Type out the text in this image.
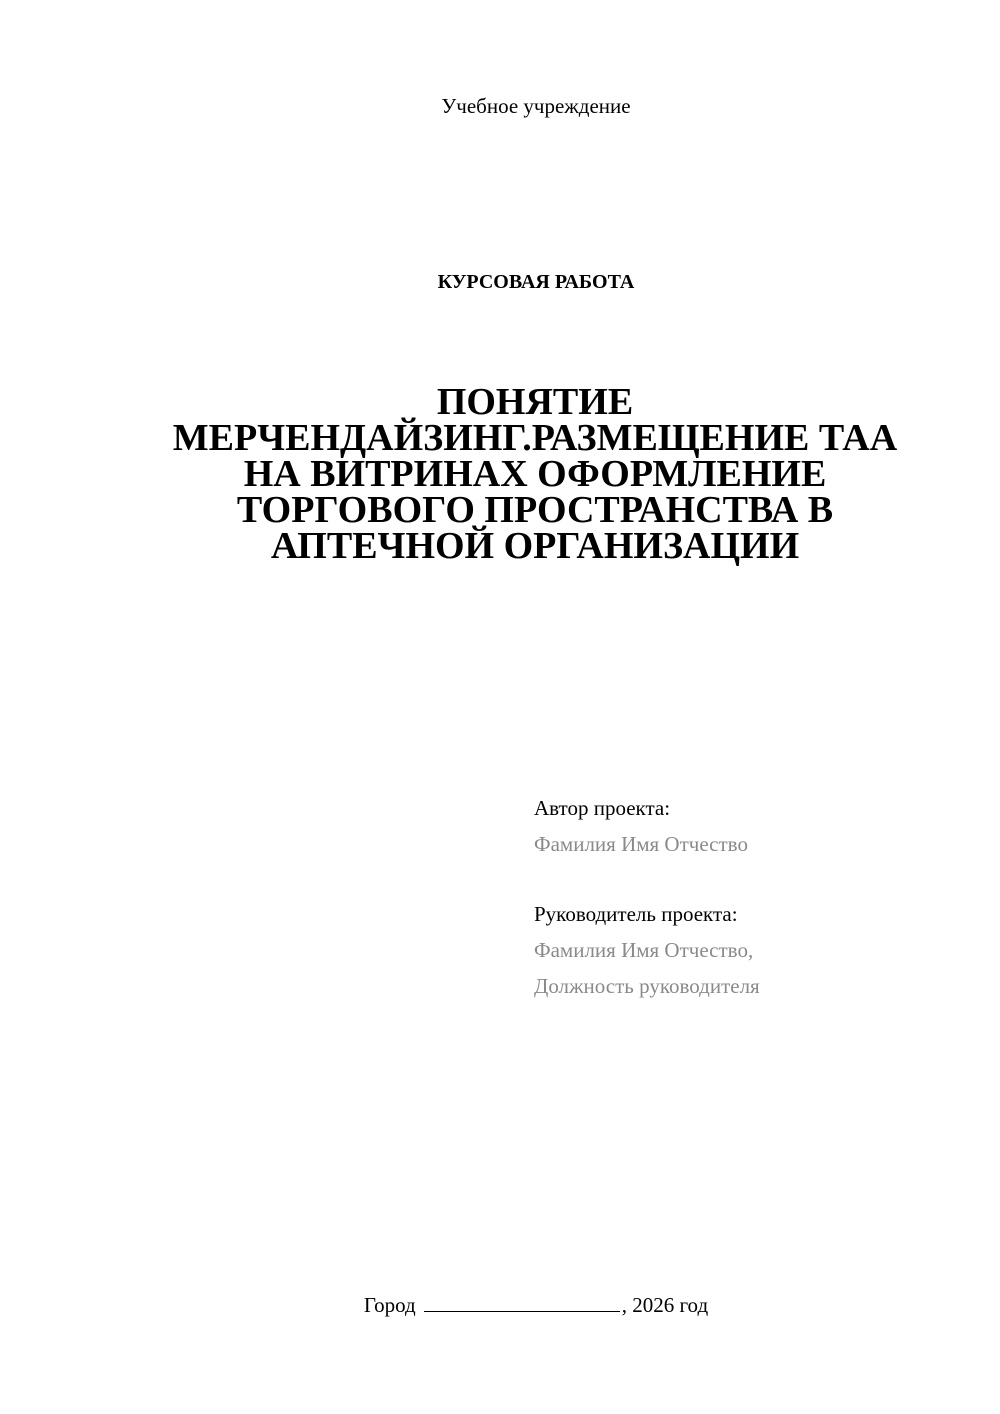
Учебное учреждение
КУРСОВАЯ РАБОТА
ПОНЯТИЕ
МЕРЧЕНДАЙЗИНГ.РАЗМЕЩЕНИЕ ТАА
НА ВИТРИНАХ ОФОРМЛЕНИЕ
ТОРГОВОГО ПРОСТРАНСТВА В
АПТЕЧНОЙ ОРГАНИЗАЦИИ
Автор проекта:
Фамилия Имя Отчество
Руководитель проекта:
Фамилия Имя Отчество,
Должность руководителя
Город	, 2026 год
